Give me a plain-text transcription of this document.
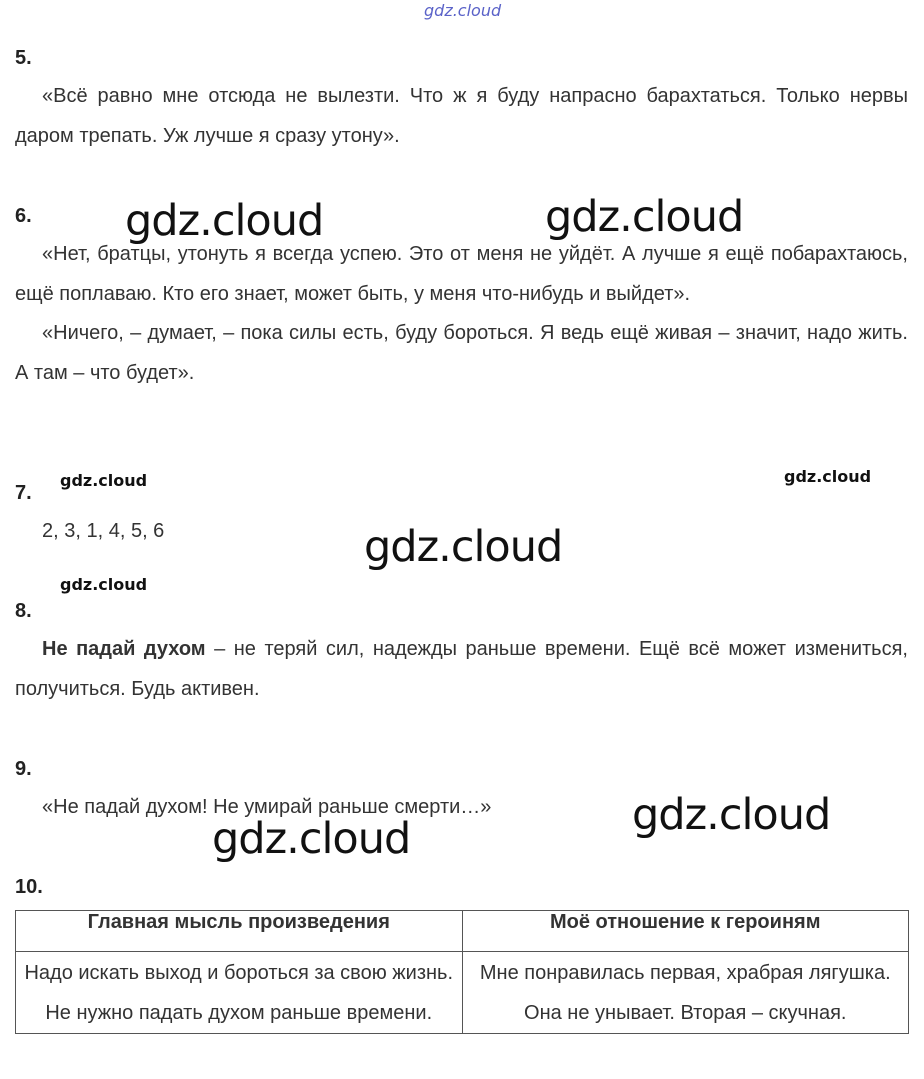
gdz.cloud
5.

«Всё равно мне отсюда не вылезти. Что ж я буду напрасно барахтаться. Только нервы даром трепать. Уж лучше я сразу утону».

6.

«Нет, братцы, утонуть я всегда успею. Это от меня не уйдёт. А лучше я ещё побарахтаюсь, ещё поплаваю. Кто его знает, может быть, у меня что-нибудь и выйдет».

«Ничего, – думает, – пока силы есть, буду бороться. Я ведь ещё живая – значит, надо жить. А там – что будет».

7.
2, 3, 1, 4, 5, 6
8.

Не падай духом – не теряй сил, надежды раньше времени. Ещё всё может измениться, получиться. Будь активен.

9.
«Не падай духом! Не умирай раньше смерти…»
10.
Главная мысль произведения	Моё отношение к героиням

Надо искать выход и бороться за свою жизнь.
Не нужно падать духом раньше времени.	Мне понравилась первая, храбрая лягушка. Она не унывает. Вторая – скучная.
gdz.cloud	gdz.cloud
gdz.cloud	gdz.cloud
gdz.cloud
gdz.cloud
gdz.cloud
gdz.cloud
